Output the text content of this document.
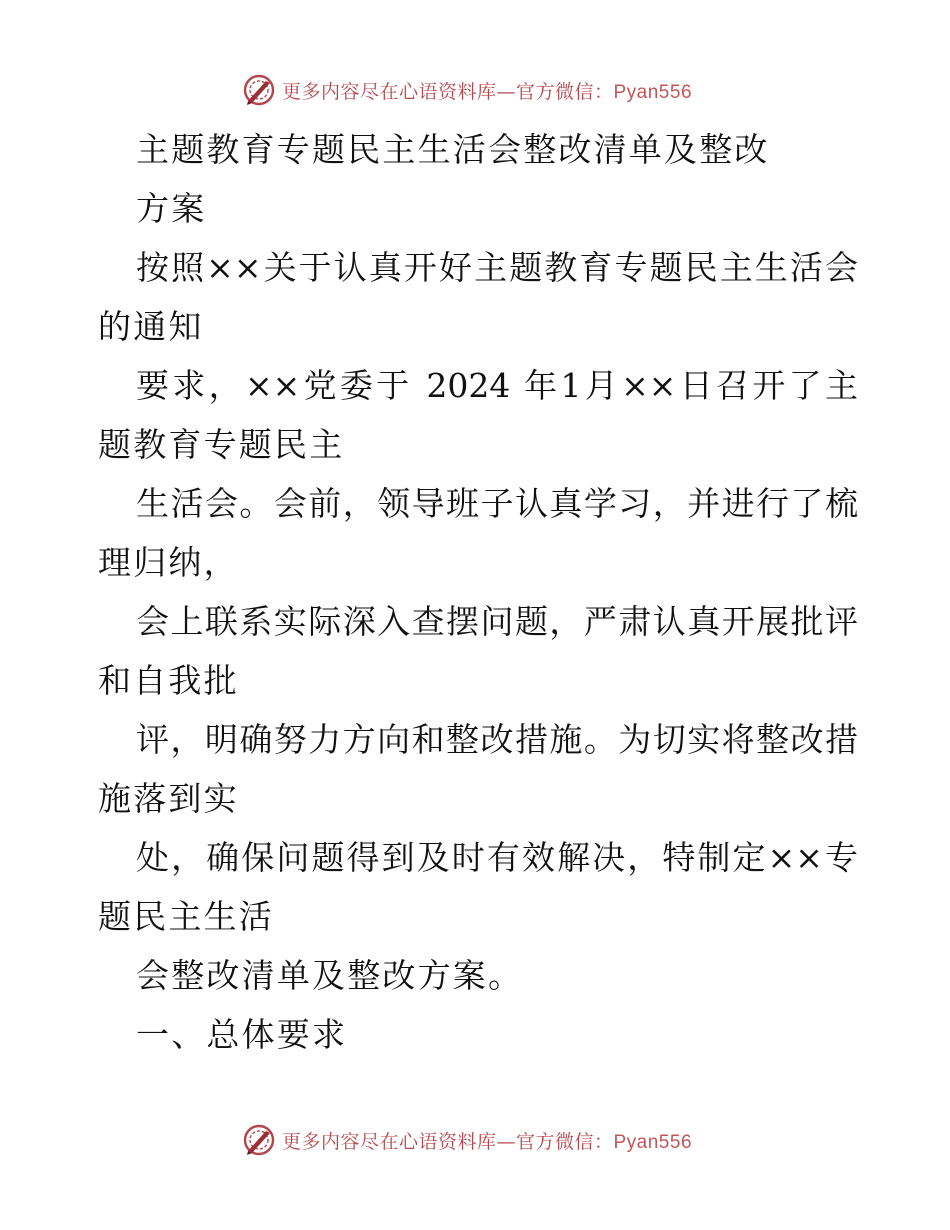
更多内容尽在心语资料库—官方微信：Pyan556
主题教育专题民主生活会整改清单及整改
方案
按照××关于认真开好主题教育专题民主生活会
的通知
要求，××党委于 2024 年1月××日召开了主
题教育专题民主
生活会。会前，领导班子认真学习，并进行了梳
理归纳，
会上联系实际深入查摆问题，严肃认真开展批评
和自我批
评，明确努力方向和整改措施。为切实将整改措
施落到实
处，确保问题得到及时有效解决，特制定××专
题民主生活
会整改清单及整改方案。
一、总体要求
更多内容尽在心语资料库—官方微信：Pyan556
